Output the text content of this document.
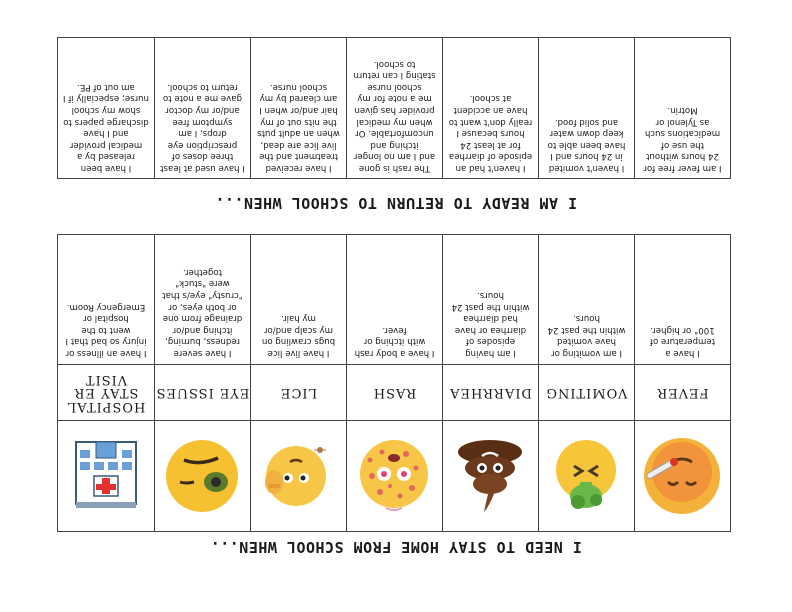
I NEED TO STAY HOME FROM SCHOOL WHEN...
FEVER
I have a temperature of 100° or higher.
VOMITING
I am vomiting or have vomited within the past 24 hours.
DIARRHEA
I am having episodes of diarrhea or have had diarrhea within the past 24 hours.
RASH
I have a body rash with itching or fever.
LICE
I have live lice bugs crawling on my scalp and/or my hair.
EYE ISSUES
I have severe redness, burning, itching and/or drainage from one or both eyes, or "crusty" eye/s that were "stuck" together.
HOSPITAL STAY ER VISIT
I have an illness or injury so bad that I went to the hospital or Emergency Room.
I AM READY TO RETURN TO SCHOOL WHEN...
I am fever free for 24 hours without the use of medications such as Tylenol or Motrin.
I haven't vomited in 24 hours and I have been able to keep down water and solid food.
I haven't had an episode of diarrhea for at least 24 hours because I really don't want to have an accident at school.
The rash is gone and I am no longer itching and uncomfortable. Or when my medical provider has given me a note for my school nurse stating I can return to school.
I have received treatment and the live lice are dead, when an adult puts the nits out of my hair and/or when I am cleared by my school nurse.
I have used at least three doses of prescription eye drops, I am symptom free and/or my doctor gave me a note to return to school.
I have been released by a medical provider and I have discharge papers to show my school nurse; especially if I am out of PE.
